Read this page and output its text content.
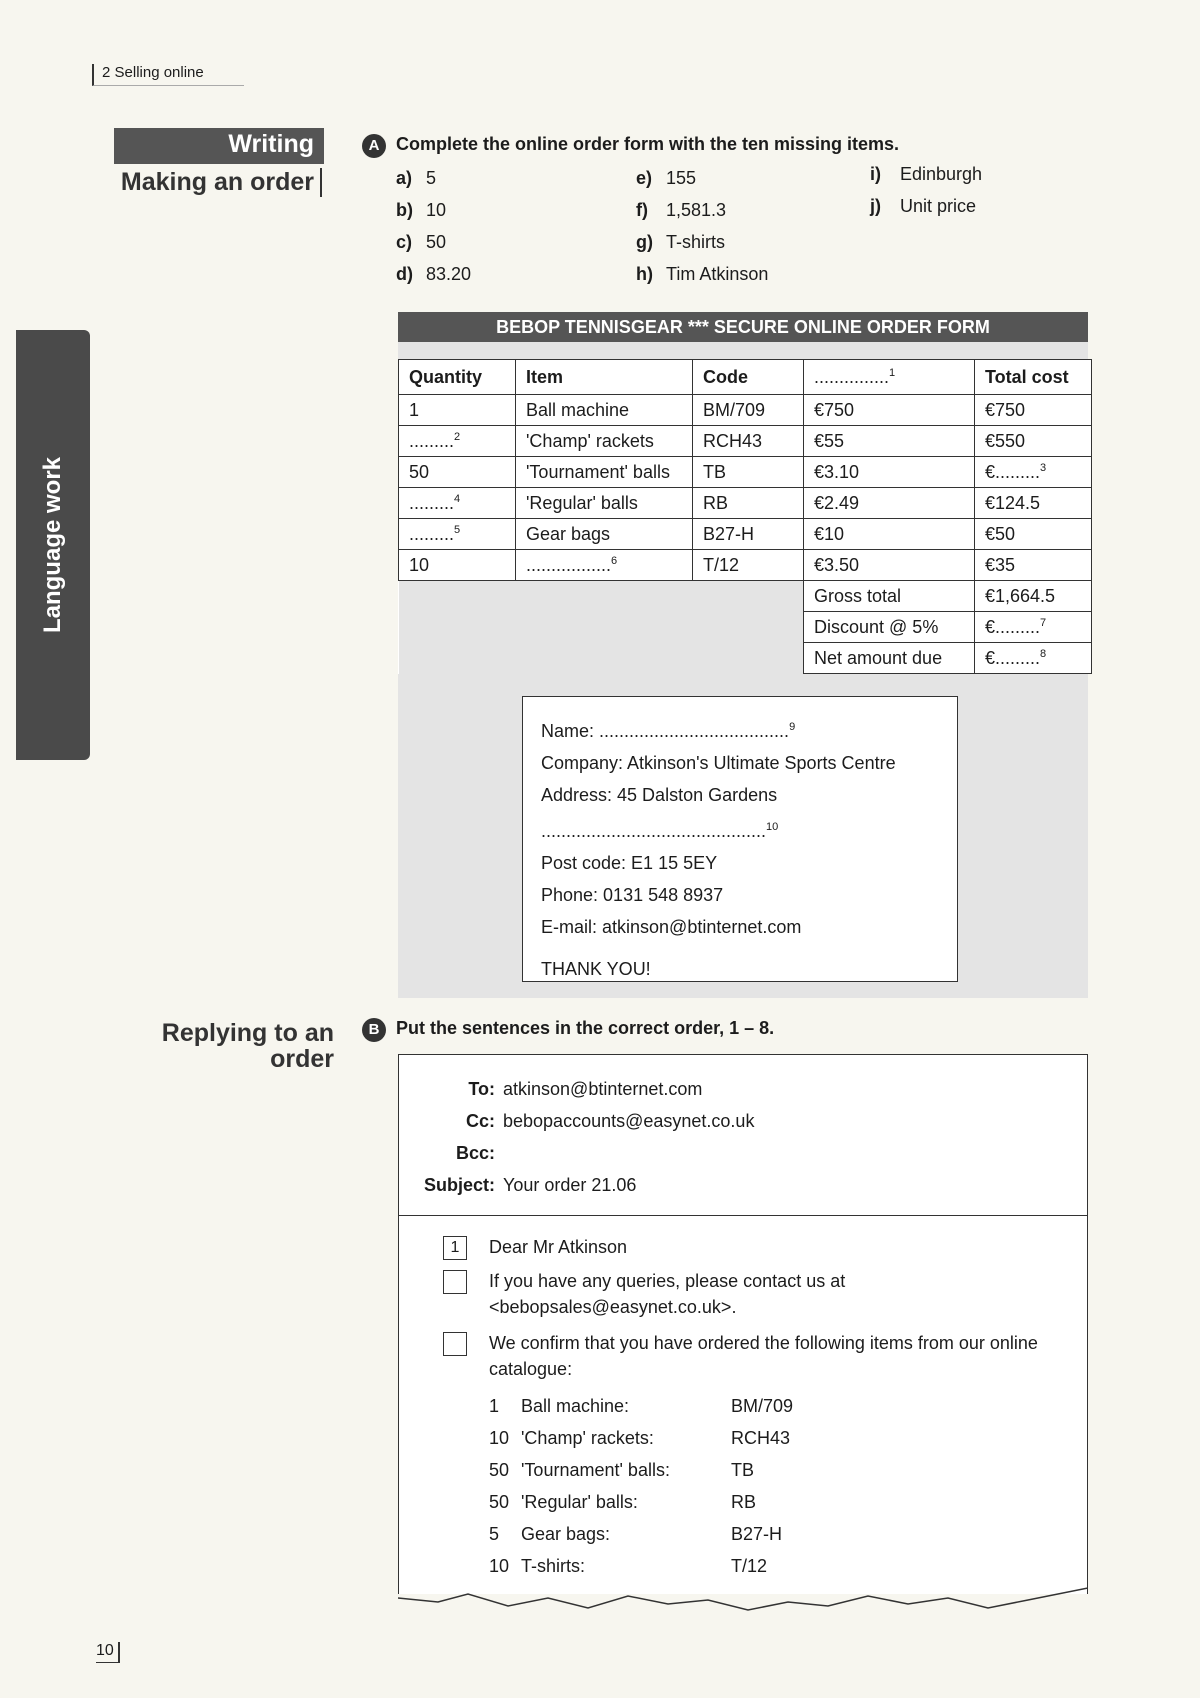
2 Selling online
Language work
Writing
Making an order
A Complete the online order form with the ten missing items.
a) 5
b) 10
c) 50
d) 83.20
e) 155
f) 1,581.3
g) T-shirts
h) Tim Atkinson
i) Edinburgh
j) Unit price
BEBOP TENNISGEAR *** SECURE ONLINE ORDER FORM
Quantity	Item	Code	...............$^1$	Total cost
1	Ball machine	BM/709	€750	€750
.........$^2$	'Champ' rackets	RCH43	€55	€550
50	'Tournament' balls	TB	€3.10	€.........$^3$
.........$^4$	'Regular' balls	RB	€2.49	€124.5
.........$^5$	Gear bags	B27-H	€10	€50
10	.................$^6$	T/12	€3.50	€35
			Gross total	€1,664.5
			Discount @ 5%	€.........$^7$
			Net amount due	€.........$^8$
Name: ......................................$^9$
Company: Atkinson's Ultimate Sports Centre
Address: 45 Dalston Gardens
.............................................$^{10}$
Post code: E1 15 5EY
Phone: 0131 548 8937
E-mail: atkinson@btinternet.com
THANK YOU!
Replying to an order
B Put the sentences in the correct order, 1 – 8.
To: atkinson@btinternet.com
Cc: bebopaccounts@easynet.co.uk
Bcc:
Subject: Your order 21.06
1	Dear Mr Atkinson
If you have any queries, please contact us at <bebopsales@easynet.co.uk>.
We confirm that you have ordered the following items from our online catalogue:
1	Ball machine:	BM/709
10	'Champ' rackets:	RCH43
50	'Tournament' balls:	TB
50	'Regular' balls:	RB
5	Gear bags:	B27-H
10	T-shirts:	T/12
10
